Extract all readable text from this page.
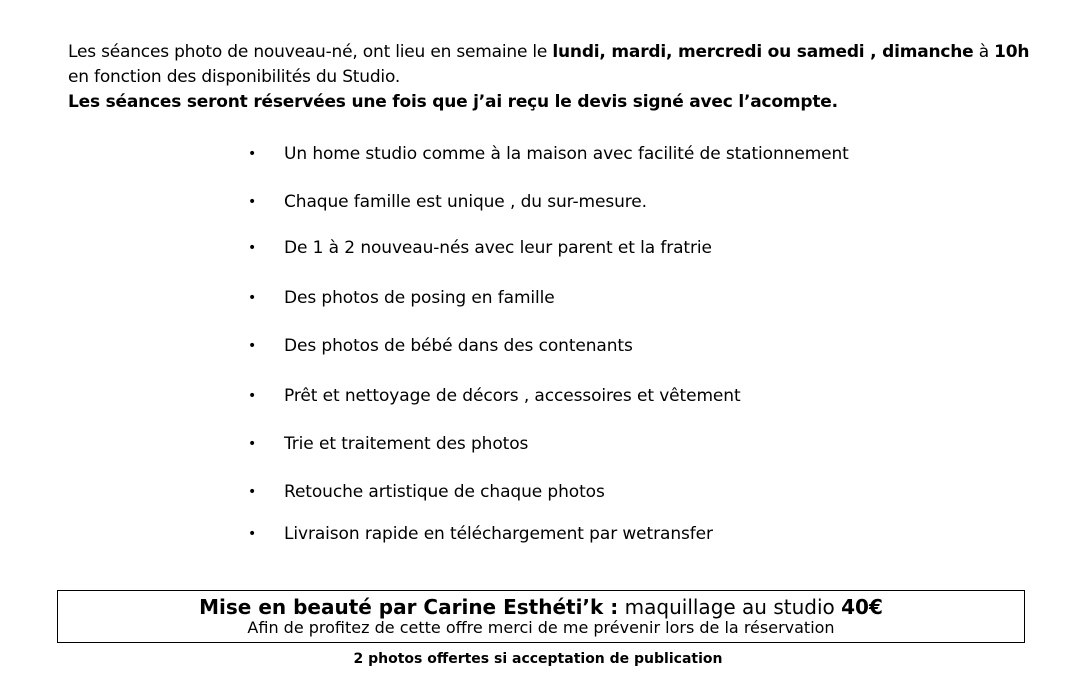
Les séances photo de nouveau-né, ont lieu en semaine le lundi, mardi, mercredi ou samedi , dimanche à 10h
en fonction des disponibilités du Studio.
Les séances seront réservées une fois que j’ai reçu le devis signé avec l’acompte.
• Un home studio comme à la maison avec facilité de stationnement
• Chaque famille est unique , du sur-mesure.
• De 1 à 2 nouveau-nés avec leur parent et la fratrie
• Des photos de posing en famille
• Des photos de bébé dans des contenants
• Prêt et nettoyage de décors , accessoires et vêtement
• Trie et traitement des photos
• Retouche artistique de chaque photos
• Livraison rapide en téléchargement par wetransfer
Mise en beauté par Carine Esthéti’k : maquillage au studio 40€
Afin de profitez de cette offre merci de me prévenir lors de la réservation
2 photos offertes si acceptation de publication
